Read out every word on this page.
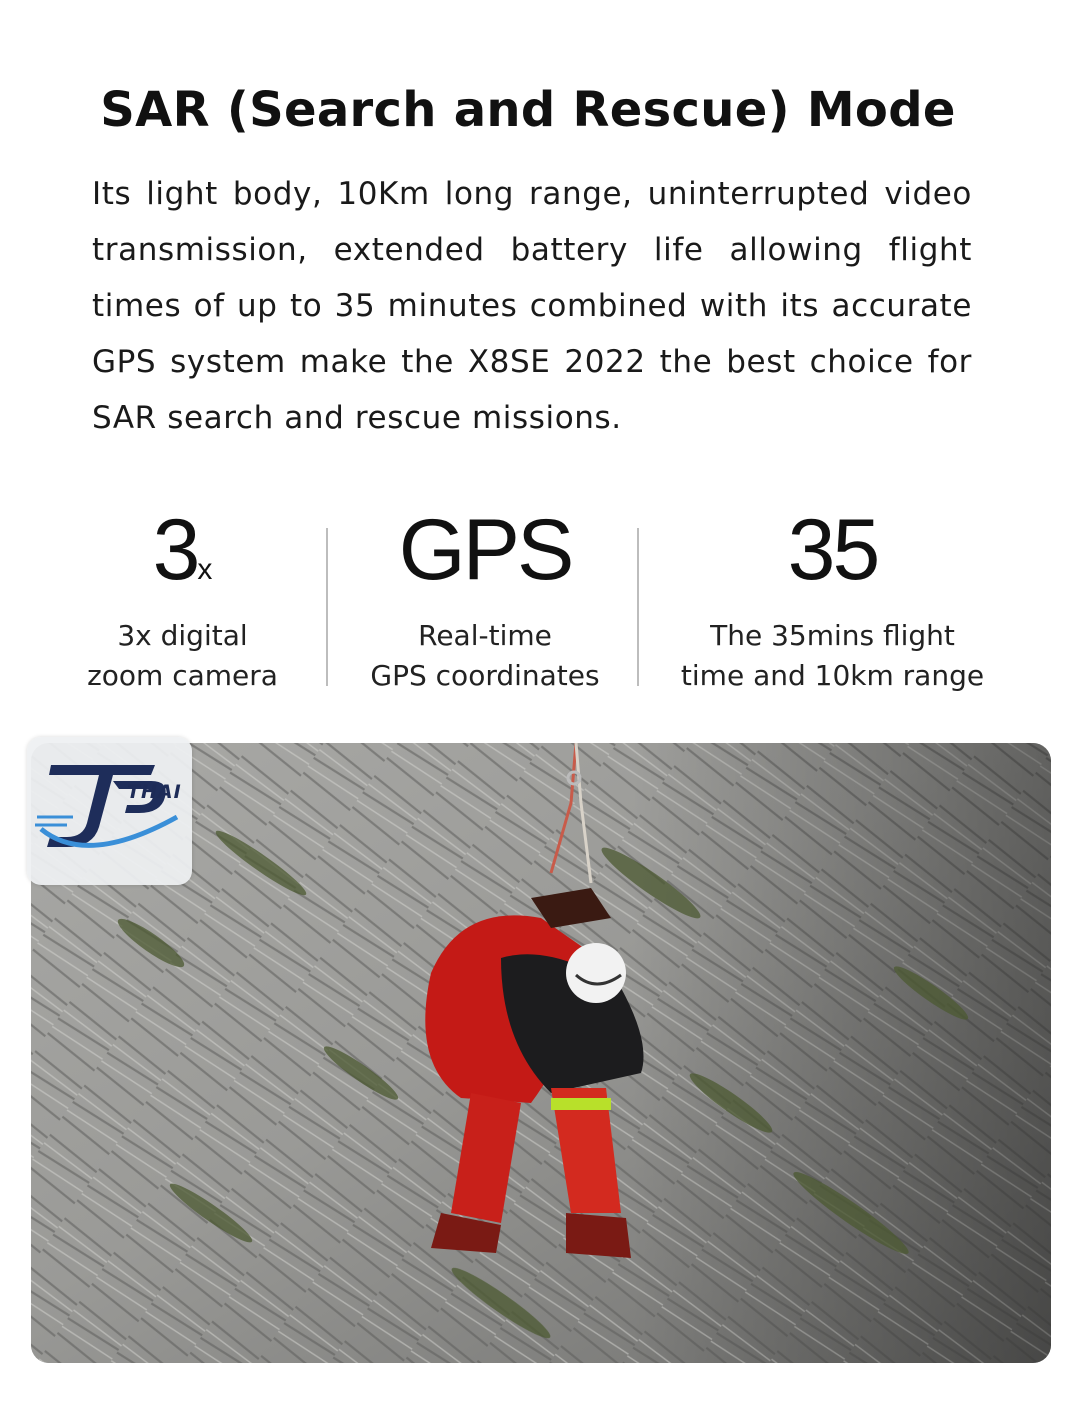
SAR (Search and Rescue) Mode
Its light body, 10Km long range, uninterrupted video transmission, extended battery life allowing flight times of up to 35 minutes combined with its accurate GPS system make the X8SE 2022 the best choice for SAR search and rescue missions.
3x
3x digital
zoom camera
GPS
Real-time
GPS coordinates
35
The 35mins flight
time and 10km range
THAI
